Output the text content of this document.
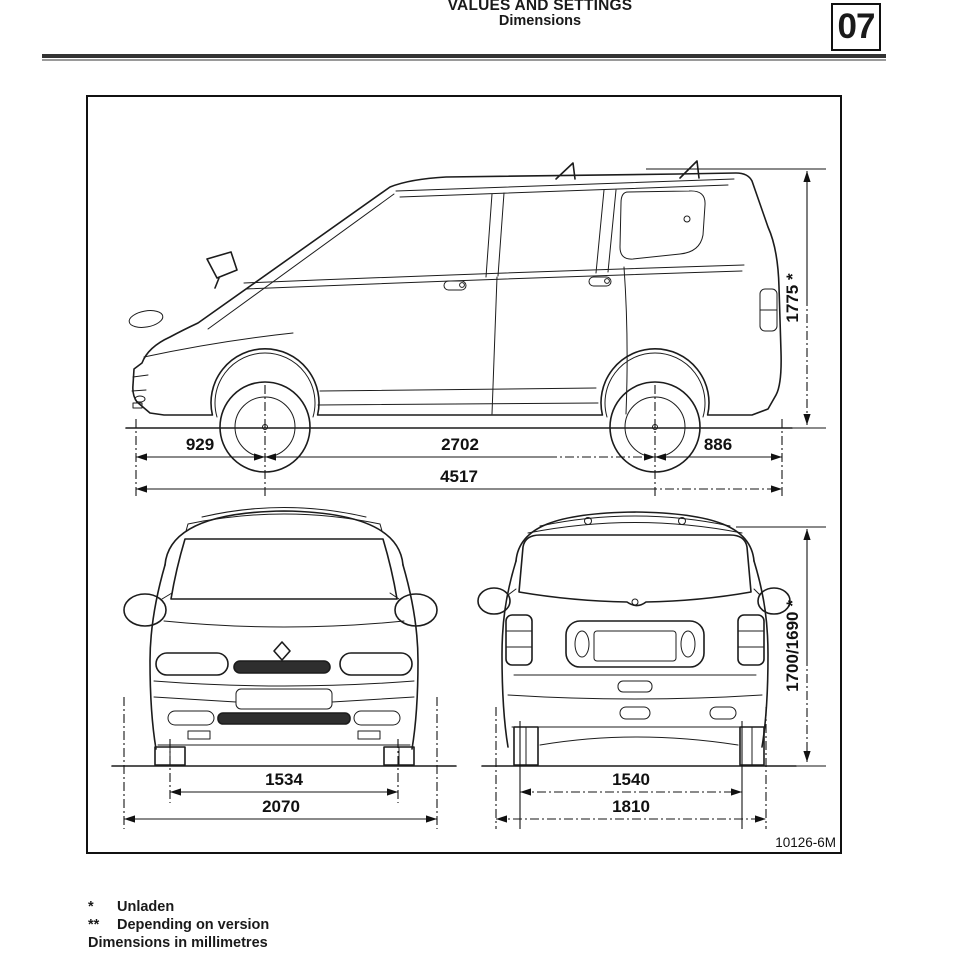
VALUES AND SETTINGS
Dimensions	07
929	2702	886
4517
1775 *
1534
2070
1540
1810
1700/1690 *
10126-6M
*	Unladen
**	Depending on version
Dimensions in millimetres
